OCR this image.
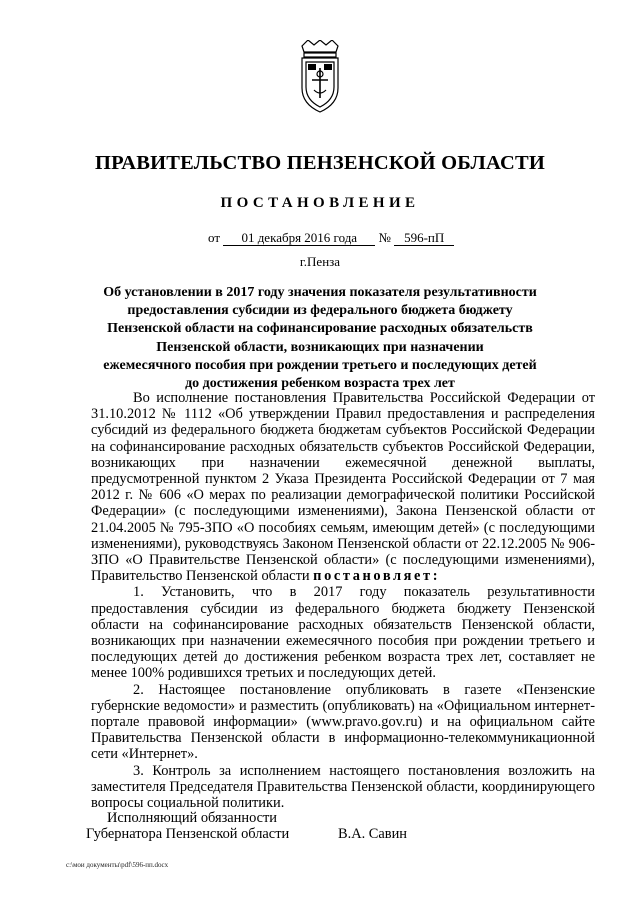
ПРАВИТЕЛЬСТВО ПЕНЗЕНСКОЙ ОБЛАСТИ
ПОСТАНОВЛЕНИЕ
от 01 декабря 2016 года № 596-пП
г.Пенза
Об установлении в 2017 году значения показателя результативности
предоставления субсидии из федерального бюджета бюджету
Пензенской области на софинансирование расходных обязательств
Пензенской области, возникающих при назначении
ежемесячного пособия при рождении третьего и последующих детей
до достижения ребенком возраста трех лет

Во исполнение постановления Правительства Российской Федерации от 31.10.2012 № 1112 «Об утверждении Правил предоставления и распределения субсидий из федерального бюджета бюджетам субъектов Российской Федерации на софинансирование расходных обязательств субъектов Российской Федерации, возникающих при назначении ежемесячной денежной выплаты, предусмотренной пунктом 2 Указа Президента Российской Федерации от 7 мая 2012 г. № 606 «О мерах по реализации демографической политики Российской Федерации» (с последующими изменениями), Закона Пензенской области от 21.04.2005 № 795-ЗПО «О пособиях семьям, имеющим детей» (с последующими изменениями), руководствуясь Законом Пензенской области от 22.12.2005 № 906-ЗПО «О Правительстве Пензенской области» (с последующими изменениями), Правительство Пензенской области постановляет:

1. Установить, что в 2017 году показатель результативности предоставления субсидии из федерального бюджета бюджету Пензенской области на софинансирование расходных обязательств Пензенской области, возникающих при назначении ежемесячного пособия при рождении третьего и последующих детей до достижения ребенком возраста трех лет, составляет не менее 100% родившихся третьих и последующих детей.

2. Настоящее постановление опубликовать в газете «Пензенские губернские ведомости» и разместить (опубликовать) на «Официальном интернет-портале правовой информации» (www.pravo.gov.ru) и на официальном сайте Правительства Пензенской области в информационно-телекоммуникационной сети «Интернет».

3. Контроль за исполнением настоящего постановления возложить на заместителя Председателя Правительства Пензенской области, координирующего вопросы социальной политики.

Исполняющий обязанности
Губернатора Пензенской области	В.А. Савин
c:\мои документы\pdf\596-пп.docx
